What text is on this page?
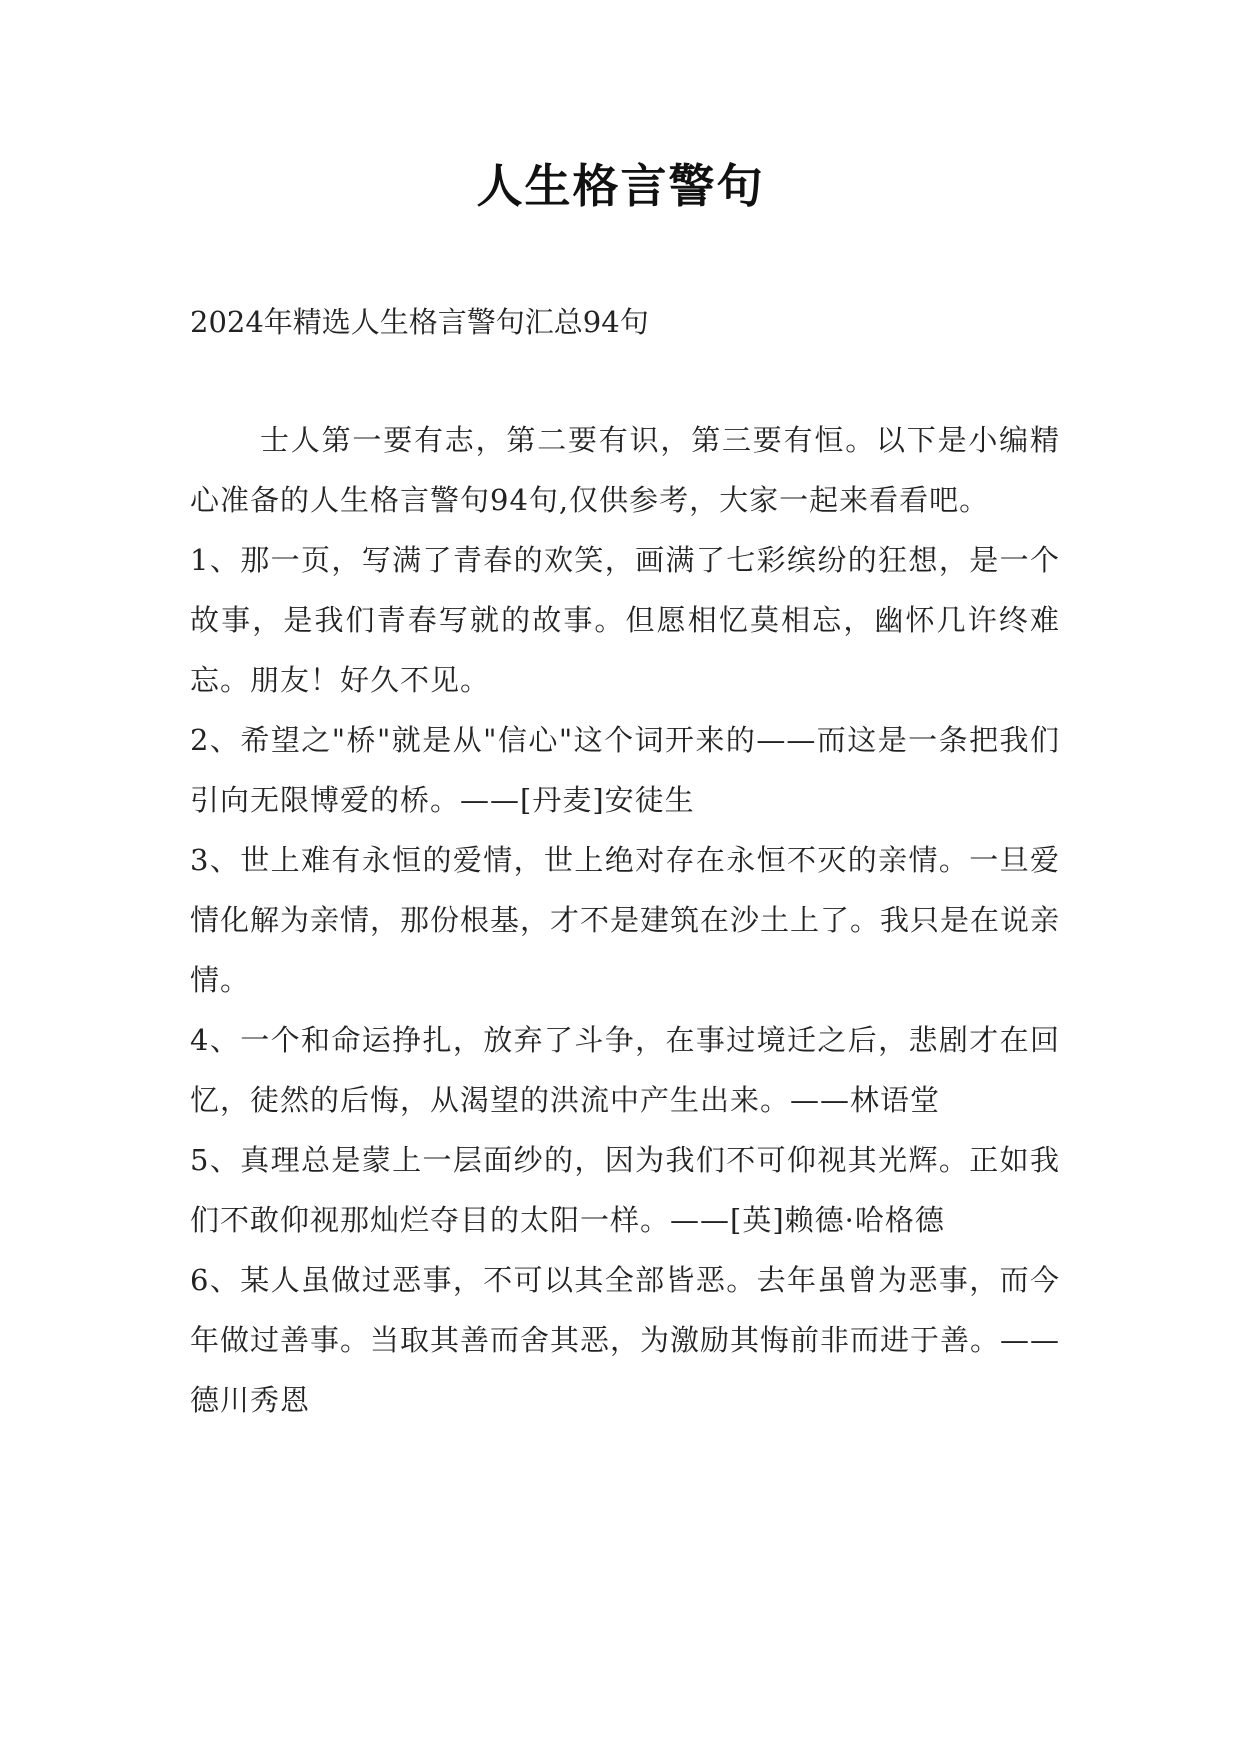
人生格言警句

2024年精选人生格言警句汇总94句

士人第一要有志，第二要有识，第三要有恒。以下是小编精心准备的人生格言警句94句,仅供参考，大家一起来看看吧。

1、那一页，写满了青春的欢笑，画满了七彩缤纷的狂想，是一个故事，是我们青春写就的故事。但愿相忆莫相忘，幽怀几许终难忘。朋友！好久不见。

2、希望之"桥"就是从"信心"这个词开来的——而这是一条把我们引向无限博爱的桥。——[丹麦]安徒生

3、世上难有永恒的爱情，世上绝对存在永恒不灭的亲情。一旦爱情化解为亲情，那份根基，才不是建筑在沙土上了。我只是在说亲情。

4、一个和命运挣扎，放弃了斗争，在事过境迁之后，悲剧才在回忆，徒然的后悔，从渴望的洪流中产生出来。——林语堂

5、真理总是蒙上一层面纱的，因为我们不可仰视其光辉。正如我们不敢仰视那灿烂夺目的太阳一样。——[英]赖德·哈格德

6、某人虽做过恶事，不可以其全部皆恶。去年虽曾为恶事，而今年做过善事。当取其善而舍其恶，为激励其悔前非而进于善。——德川秀恩
